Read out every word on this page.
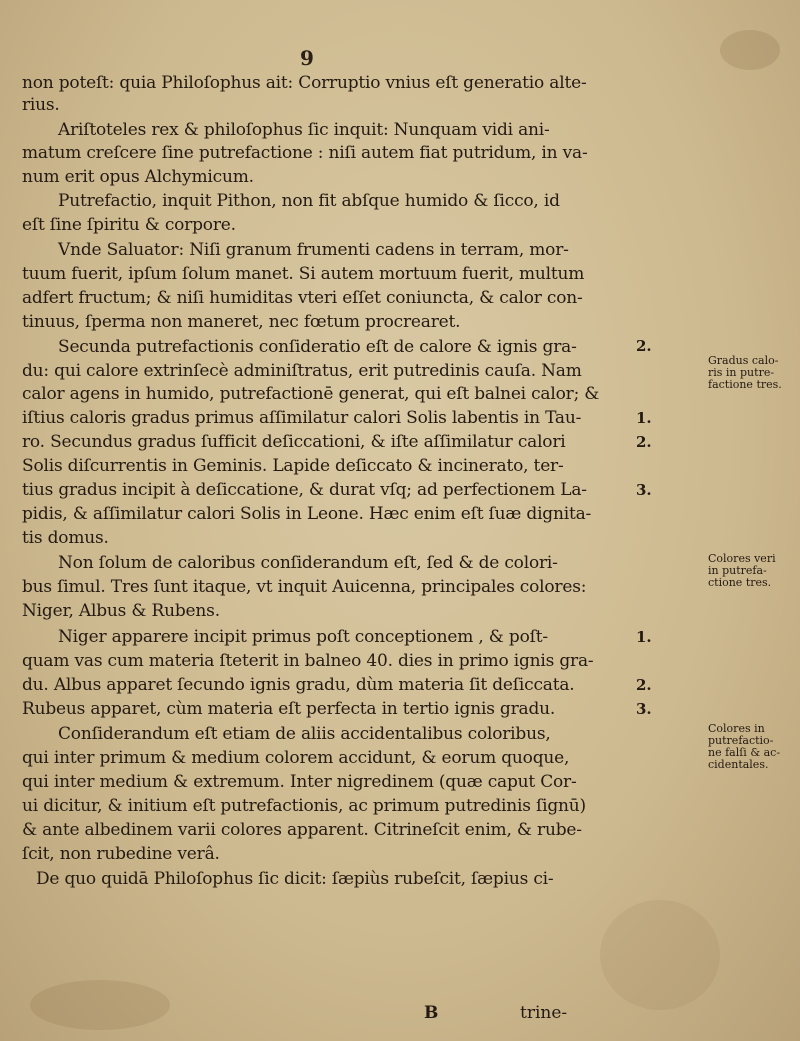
9
non poteſt: quia Philoſophus ait: Corruptio vnius eſt generatio alte-
rius.
Ariſtoteles rex & philoſophus ſic inquit: Nunquam vidi ani-
matum creſcere ſine putrefactione : niſi autem fiat putridum, in va-
num erit opus Alchymicum.
Putrefactio, inquit Pithon, non fit abſque humido & ſicco, id
eſt ſine ſpiritu & corpore.
Vnde Saluator: Niſi granum frumenti cadens in terram, mor-
tuum fuerit, ipſum ſolum manet. Si autem mortuum fuerit, multum
adfert fructum; & niſi humiditas vteri eſſet coniuncta, & calor con-
tinuus, ſperma non maneret, nec fœtum procrearet.
Secunda putrefactionis conſideratio eſt de calore & ignis gra-
du: qui calore extrinſecè adminiſtratus, erit putredinis cauſa. Nam
calor agens in humido, putrefactionē generat, qui eſt balnei calor; &
iſtius caloris gradus primus aſſimilatur calori Solis labentis in Tau-
ro. Secundus gradus ſufficit deſiccationi, & iſte aſſimilatur calori
Solis diſcurrentis in Geminis. Lapide deſiccato & incinerato, ter-
tius gradus incipit à deſiccatione, & durat vſq; ad perfectionem La-
pidis, & aſſimilatur calori Solis in Leone. Hæc enim eſt ſuæ dignita-
tis domus.
Non ſolum de caloribus conſiderandum eſt, ſed & de colori-
bus ſimul. Tres ſunt itaque, vt inquit Auicenna, principales colores:
Niger, Albus & Rubens.
Niger apparere incipit primus poſt conceptionem , & poſt-
quam vas cum materia ſteterit in balneo 40. dies in primo ignis gra-
du. Albus apparet ſecundo ignis gradu, dùm materia ſit deſiccata.
Rubeus apparet, cùm materia eſt perfecta in tertio ignis gradu.
Conſiderandum eſt etiam de aliis accidentalibus coloribus,
qui inter primum & medium colorem accidunt, & eorum quoque,
qui inter medium & extremum. Inter nigredinem (quæ caput Cor-
ui dicitur, & initium eſt putrefactionis, ac primum putredinis ſignū)
& ante albedinem varii colores apparent. Citrineſcit enim, & rube-
ſcit, non rubedine verâ.
De quo quidā Philoſophus ſic dicit: ſæpiùs rubeſcit, ſæpius ci-
Gradus calo-
ris in putre-
factione tres.
Colores veri
in putrefa-
ctione tres.
Colores in
putrefactio-
ne falſi & ac-
cidentales.
2.
1.
2.
3.
1.
2.
3.
B	trine-
